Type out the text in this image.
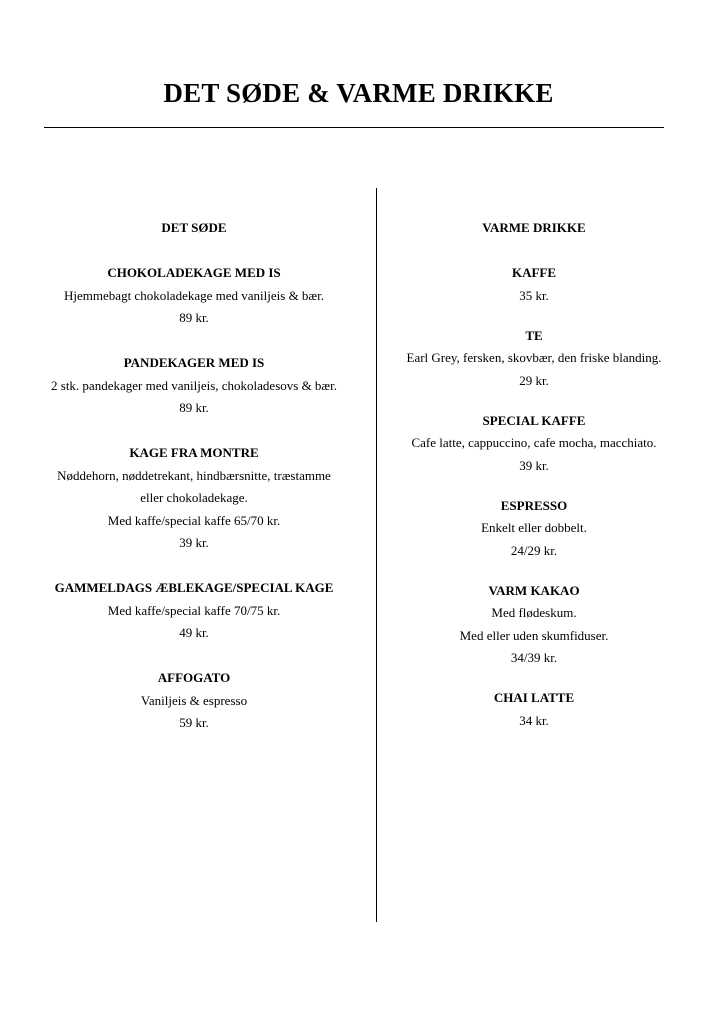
DET SØDE & VARME DRIKKE
DET SØDE
CHOKOLADEKAGE MED IS
Hjemmebagt chokoladekage med vaniljeis & bær.
89 kr.
PANDEKAGER MED IS
2 stk. pandekager med vaniljeis, chokoladesovs & bær.
89 kr.
KAGE FRA MONTRE
Nøddehorn, nøddetrekant, hindbærsnitte, træstamme
eller chokoladekage.
Med kaffe/special kaffe 65/70 kr.
39 kr.
GAMMELDAGS ÆBLEKAGE/SPECIAL KAGE
Med kaffe/special kaffe 70/75 kr.
49 kr.
AFFOGATO
Vaniljeis & espresso
59 kr.
VARME DRIKKE
KAFFE
35 kr.
TE
Earl Grey, fersken, skovbær, den friske blanding.
29 kr.
SPECIAL KAFFE
Cafe latte, cappuccino, cafe mocha, macchiato.
39 kr.
ESPRESSO
Enkelt eller dobbelt.
24/29 kr.
VARM KAKAO
Med flødeskum.
Med eller uden skumfiduser.
34/39 kr.
CHAI LATTE
34 kr.
